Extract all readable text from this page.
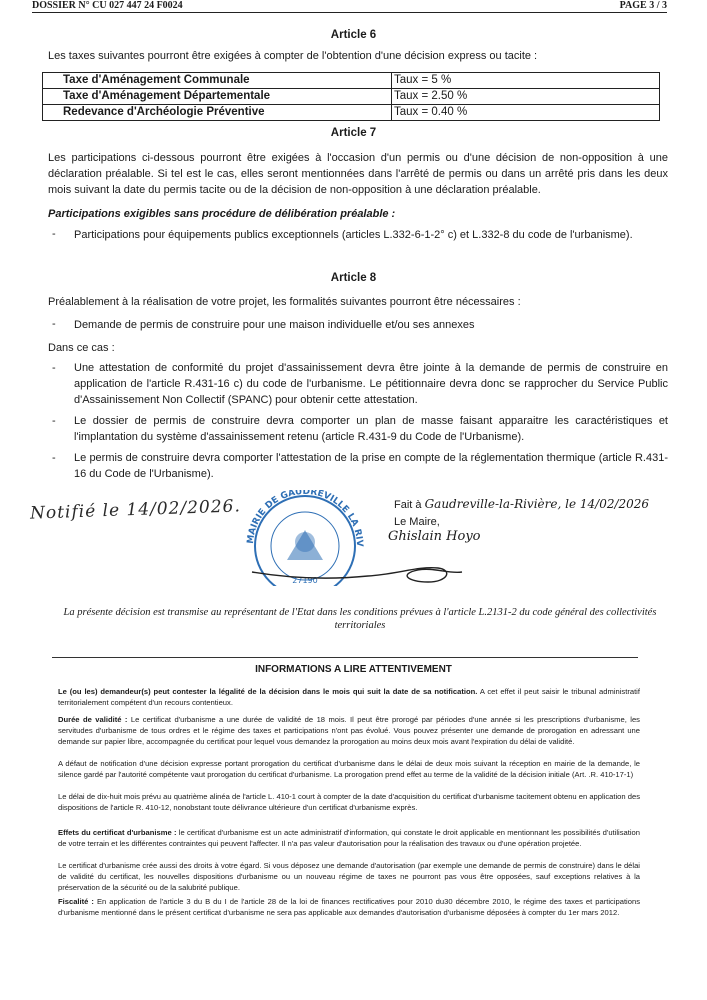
DOSSIER N° CU 027 447 24 F0024	PAGE 3 / 3
Article 6
Les taxes suivantes pourront être exigées à compter de l'obtention d'une décision express ou tacite :
Taxe d'Aménagement Communale	Taux = 5 %
Taxe d'Aménagement Départementale	Taux = 2.50 %
Redevance d'Archéologie Préventive	Taux = 0.40 %
Article 7
Les participations ci-dessous pourront être exigées à l'occasion d'un permis ou d'une décision de non-opposition à une déclaration préalable. Si tel est le cas, elles seront mentionnées dans l'arrêté de permis ou dans un arrêté pris dans les deux mois suivant la date du permis tacite ou de la décision de non-opposition à une déclaration préalable.
Participations exigibles sans procédure de délibération préalable :
- Participations pour équipements publics exceptionnels (articles L.332-6-1-2° c) et L.332-8 du code de l'urbanisme).
Article 8
Préalablement à la réalisation de votre projet, les formalités suivantes pourront être nécessaires :
- Demande de permis de construire pour une maison individuelle et/ou ses annexes
Dans ce cas :
- Une attestation de conformité du projet d'assainissement devra être jointe à la demande de permis de construire en application de l'article R.431-16 c) du code de l'urbanisme. Le pétitionnaire devra donc se rapprocher du Service Public d'Assainissement Non Collectif (SPANC) pour obtenir cette attestation.
- Le dossier de permis de construire devra comporter un plan de masse faisant apparaitre les caractéristiques et l'implantation du système d'assainissement retenu (article R.431-9 du Code de l'Urbanisme).
- Le permis de construire devra comporter l'attestation de la prise en compte de la réglementation thermique (article R.431-16 du Code de l'Urbanisme).
Notifié le 14/02/2026.
MAIRIE DE GAUDREVILLE LA RIV
27190
Fait à Gaudreville-la-Rivière, le 14/02/2026
Le Maire,
Ghislain Hoyo
La présente décision est transmise au représentant de l'Etat dans les conditions prévues à l'article L.2131-2 du code général des collectivités territoriales
INFORMATIONS A LIRE ATTENTIVEMENT
Le (ou les) demandeur(s) peut contester la légalité de la décision dans le mois qui suit la date de sa notification. A cet effet il peut saisir le tribunal administratif territorialement compétent d'un recours contentieux.
Durée de validité : Le certificat d'urbanisme a une durée de validité de 18 mois. Il peut être prorogé par périodes d'une année si les prescriptions d'urbanisme, les servitudes d'urbanisme de tous ordres et le régime des taxes et participations n'ont pas évolué. Vous pouvez présenter une demande de prorogation en adressant une demande sur papier libre, accompagnée du certificat pour lequel vous demandez la prorogation au moins deux mois avant l'expiration du délai de validité.
A défaut de notification d'une décision expresse portant prorogation du certificat d'urbanisme dans le délai de deux mois suivant la réception en mairie de la demande, le silence gardé par l'autorité compétente vaut prorogation du certificat d'urbanisme. La prorogation prend effet au terme de la validité de la décision initiale (Art. .R. 410-17-1)
Le délai de dix-huit mois prévu au quatrième alinéa de l'article L. 410-1 court à compter de la date d'acquisition du certificat d'urbanisme tacitement obtenu en application des dispositions de l'article R. 410-12, nonobstant toute délivrance ultérieure d'un certificat d'urbanisme exprès.
Effets du certificat d'urbanisme : le certificat d'urbanisme est un acte administratif d'information, qui constate le droit applicable en mentionnant les possibilités d'utilisation de votre terrain et les différentes contraintes qui peuvent l'affecter. Il n'a pas valeur d'autorisation pour la réalisation des travaux ou d'une opération projetée.
Le certificat d'urbanisme crée aussi des droits à votre égard. Si vous déposez une demande d'autorisation (par exemple une demande de permis de construire) dans le délai de validité du certificat, les nouvelles dispositions d'urbanisme ou un nouveau régime de taxes ne pourront pas vous être opposées, sauf exceptions relatives à la préservation de la sécurité ou de la salubrité publique.
Fiscalité : En application de l'article 3 du B du I de l'article 28 de la loi de finances rectificatives pour 2010 du30 décembre 2010, le régime des taxes et participations d'urbanisme mentionné dans le présent certificat d'urbanisme ne sera pas applicable aux demandes d'autorisation d'urbanisme déposées à compter du 1er mars 2012.
